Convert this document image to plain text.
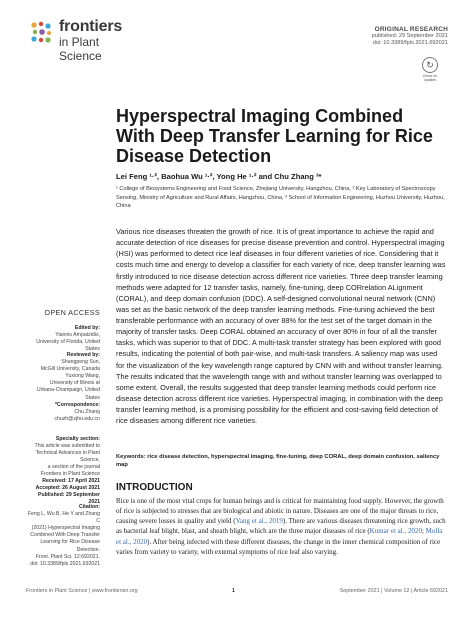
frontiers
in Plant Science
ORIGINAL RESEARCH
published: 29 September 2021
doi: 10.3389/fpls.2021.692021
↻
Check for updates
Hyperspectral Imaging Combined With Deep Transfer Learning for Rice Disease Detection
Lei Feng ¹·², Baohua Wu ¹·², Yong He ¹·² and Chu Zhang ³*
¹ College of Biosystems Engineering and Food Science, Zhejiang University, Hangzhou, China, ² Key Laboratory of Spectroscopy Sensing, Ministry of Agriculture and Rural Affairs, Hangzhou, China, ³ School of Information Engineering, Huzhou University, Huzhou, China
Various rice diseases threaten the growth of rice. It is of great importance to achieve the rapid and accurate detection of rice diseases for precise disease prevention and control. Hyperspectral imaging (HSI) was performed to detect rice leaf diseases in four different varieties of rice. Considering that it costs much time and energy to develop a classifier for each variety of rice, deep transfer learning was firstly introduced to rice disease detection across different rice varieties. Three deep transfer learning methods were adapted for 12 transfer tasks, namely, fine-tuning, deep CORrelation ALignment (CORAL), and deep domain confusion (DDC). A self-designed convolutional neural network (CNN) was set as the basic network of the deep transfer learning methods. Fine-tuning achieved the best transferable performance with an accuracy of over 88% for the test set of the target domain in the majority of transfer tasks. Deep CORAL obtained an accuracy of over 80% in four of all the transfer tasks, which was superior to that of DDC. A multi-task transfer strategy has been explored with good results, indicating the potential of both pair-wise, and multi-task transfers. A saliency map was used for the visualization of the key wavelength range captured by CNN with and without transfer learning. The results indicated that the wavelength range with and without transfer learning was overlapped to some extent. Overall, the results suggested that deep transfer learning methods could perform rice disease detection across different rice varieties. Hyperspectral imaging, in combination with the deep transfer learning method, is a promising possibility for the efficient and cost-saving field detection of rice diseases among different rice varieties.
Keywords: rice disease detection, hyperspectral imaging, fine-tuning, deep CORAL, deep domain confusion, saliency map
OPEN ACCESS
Edited by:
Yiannis Ampatzidis,
University of Florida, United States
Reviewed by:
Shangpeng Sun,
McGill University, Canada
Yuxiong Wang,
University of Illinois at
Urbana-Champaign, United States
*Correspondence:
Chu Zhang
chuzh@zjhu.edu.cn
Specialty section:
This article was submitted to
Technical Advances in Plant Science,
a section of the journal
Frontiers in Plant Science
Received: 17 April 2021
Accepted: 26 August 2021
Published: 29 September 2021
Citation:
Feng L, Wu B, He Y and Zhang C
(2021) Hyperspectral Imaging
Combined With Deep Transfer
Learning for Rice Disease Detection.
Front. Plant Sci. 12:692021.
doi: 10.3389/fpls.2021.692021
INTRODUCTION
Rice is one of the most vital crops for human beings and is critical for maintaining food supply. However, the growth of rice is subjected to stresses that are biological and abiotic in nature. Diseases are one of the major threats to rice, causing severe losses in quality and yield (Yang et al., 2019). There are various diseases threatening rice growth, such as bacterial leaf blight, blast, and sheath blight, which are the three major diseases of rice (Kumar et al., 2020; Molla et al., 2020). After being infected with these different diseases, the change in the inner chemical composition of rice varies from variety to variety, with external symptoms of rice leaf also varying.
Frontiers in Plant Science | www.frontiersin.org	1	September 2021 | Volume 12 | Article 692021
